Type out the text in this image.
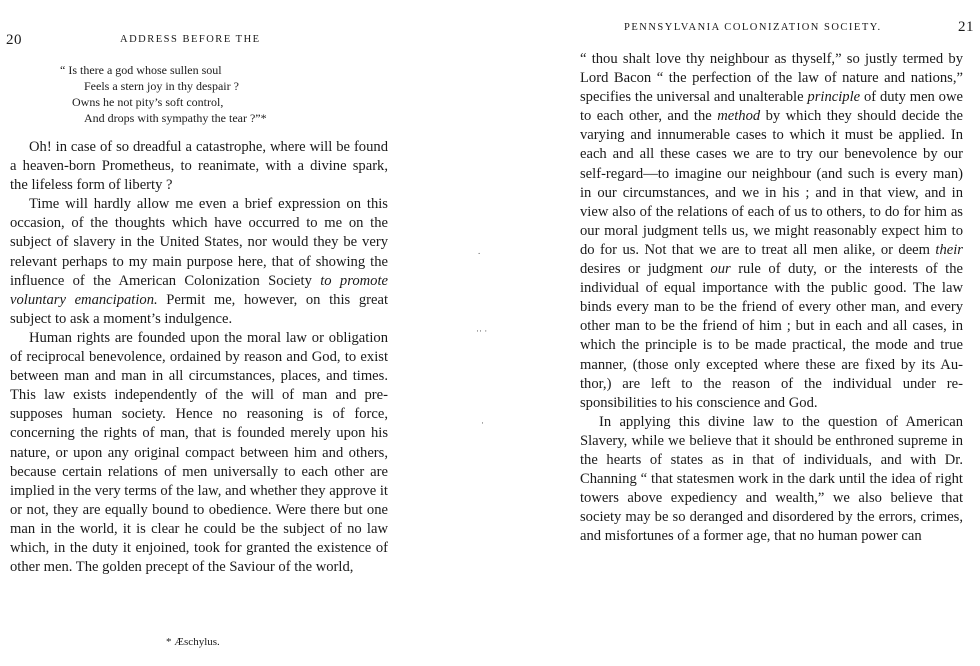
20	ADDRESS BEFORE THE
“ Is there a god whose sullen soul
Feels a stern joy in thy despair ?
Owns he not pity’s soft control,
And drops with sympathy the tear ?”*

Oh! in case of so dreadful a catastrophe, where will be found a heaven-born Prometheus, to reanimate, with a divine spark, the lifeless form of liberty ?

Time will hardly allow me even a brief expression on this occasion, of the thoughts which have occurred to me on the subject of slavery in the United States, nor would they be very relevant perhaps to my main purpose here, that of showing the influence of the American Colonization Society to promote voluntary emancipation. Permit me, however, on this great subject to ask a moment’s indulgence.

Human rights are founded upon the moral law or obligation of reciprocal benevolence, ordained by reason and God, to exist between man and man in all circumstances, places, and times. This law exists independently of the will of man and pre-supposes human society. Hence no reasoning is of force, concerning the rights of man, that is founded merely upon his nature, or upon any original compact between him and others, because certain relations of men universally to each other are implied in the very terms of the law, and whether they approve it or not, they are equally bound to obedience. Were there but one man in the world, it is clear he could be the subject of no law which, in the duty it enjoined, took for granted the existence of other men. The golden precept of the Saviour of the world,

* Æschylus.
.
·· ·
·
PENNSYLVANIA COLONIZATION SOCIETY.	21

“ thou shalt love thy neighbour as thyself,” so justly termed by Lord Bacon “ the perfection of the law of nature and nations,” specifies the universal and unalterable principle of duty men owe to each other, and the method by which they should decide the varying and innumerable cases to which it must be applied. In each and all these cases we are to try our benevolence by our self-regard—to imagine our neighbour (and such is every man) in our circumstances, and we in his ; and in that view, and in view also of the relations of each of us to others, to do for him as our moral judgment tells us, we might reasonably expect him to do for us. Not that we are to treat all men alike, or deem their desires or judgment our rule of duty, or the interests of the individual of equal importance with the public good. The law binds every man to be the friend of every other man, and every other man to be the friend of him ; but in each and all cases, in which the principle is to be made practical, the mode and true manner, (those only excepted where these are fixed by its Author,) are left to the reason of the individual under responsibilities to his conscience and God.

In applying this divine law to the question of American Slavery, while we believe that it should be enthroned supreme in the hearts of states as in that of individuals, and with Dr. Channing “ that statesmen work in the dark until the idea of right towers above expediency and wealth,” we also believe that society may be so deranged and disordered by the errors, crimes, and misfortunes of a former age, that no human power can
